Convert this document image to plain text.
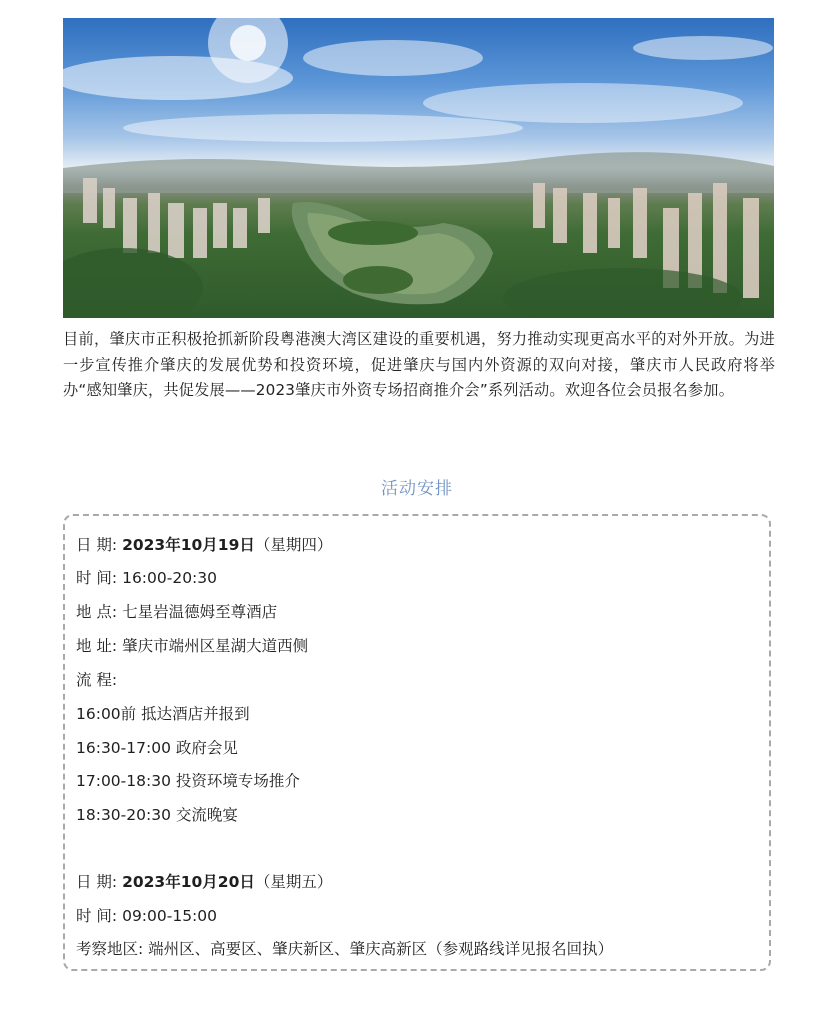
目前，肇庆市正积极抢抓新阶段粤港澳大湾区建设的重要机遇，努力推动实现更高水平的对外开放。为进一步宣传推介肇庆的发展优势和投资环境，促进肇庆与国内外资源的双向对接，肇庆市人民政府将举办“感知肇庆，共促发展——2023肇庆市外资专场招商推介会”系列活动。欢迎各位会员报名参加。

活动安排
日 期: 2023年10月19日（星期四）
时 间: 16:00-20:30
地 点: 七星岩温德姆至尊酒店
地 址: 肇庆市端州区星湖大道西侧
流 程:
16:00前 抵达酒店并报到
16:30-17:00 政府会见
17:00-18:30 投资环境专场推介
18:30-20:30 交流晚宴
日 期: 2023年10月20日（星期五）
时 间: 09:00-15:00
考察地区: 端州区、高要区、肇庆新区、肇庆高新区（参观路线详见报名回执）
